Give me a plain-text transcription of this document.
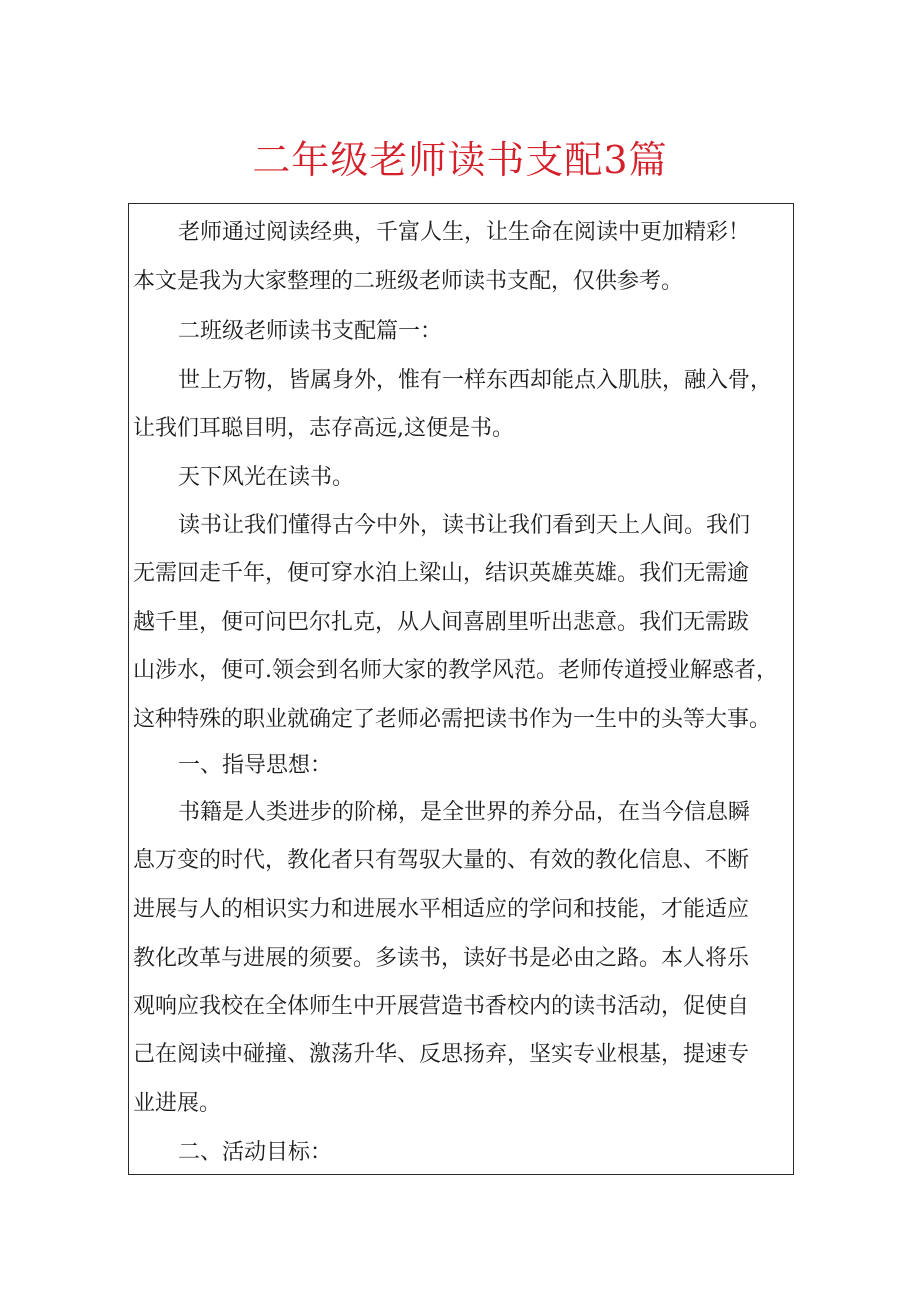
二年级老师读书支配3篇
老师通过阅读经典，千富人生，让生命在阅读中更加精彩！
本文是我为大家整理的二班级老师读书支配，仅供参考。
二班级老师读书支配篇一：
世上万物，皆属身外，惟有一样东西却能点入肌肤，融入骨，
让我们耳聪目明，志存高远,这便是书。
天下风光在读书。
读书让我们懂得古今中外，读书让我们看到天上人间。我们
无需回走千年，便可穿水泊上梁山，结识英雄英雄。我们无需逾
越千里，便可问巴尔扎克，从人间喜剧里听出悲意。我们无需跋
山涉水，便可.领会到名师大家的教学风范。老师传道授业解惑者，
这种特殊的职业就确定了老师必需把读书作为一生中的头等大事。
一、指导思想：
书籍是人类进步的阶梯，是全世界的养分品，在当今信息瞬
息万变的时代，教化者只有驾驭大量的、有效的教化信息、不断
进展与人的相识实力和进展水平相适应的学问和技能，才能适应
教化改革与进展的须要。多读书，读好书是必由之路。本人将乐
观响应我校在全体师生中开展营造书香校内的读书活动，促使自
己在阅读中碰撞、激荡升华、反思扬弃，坚实专业根基，提速专
业进展。
二、活动目标：
